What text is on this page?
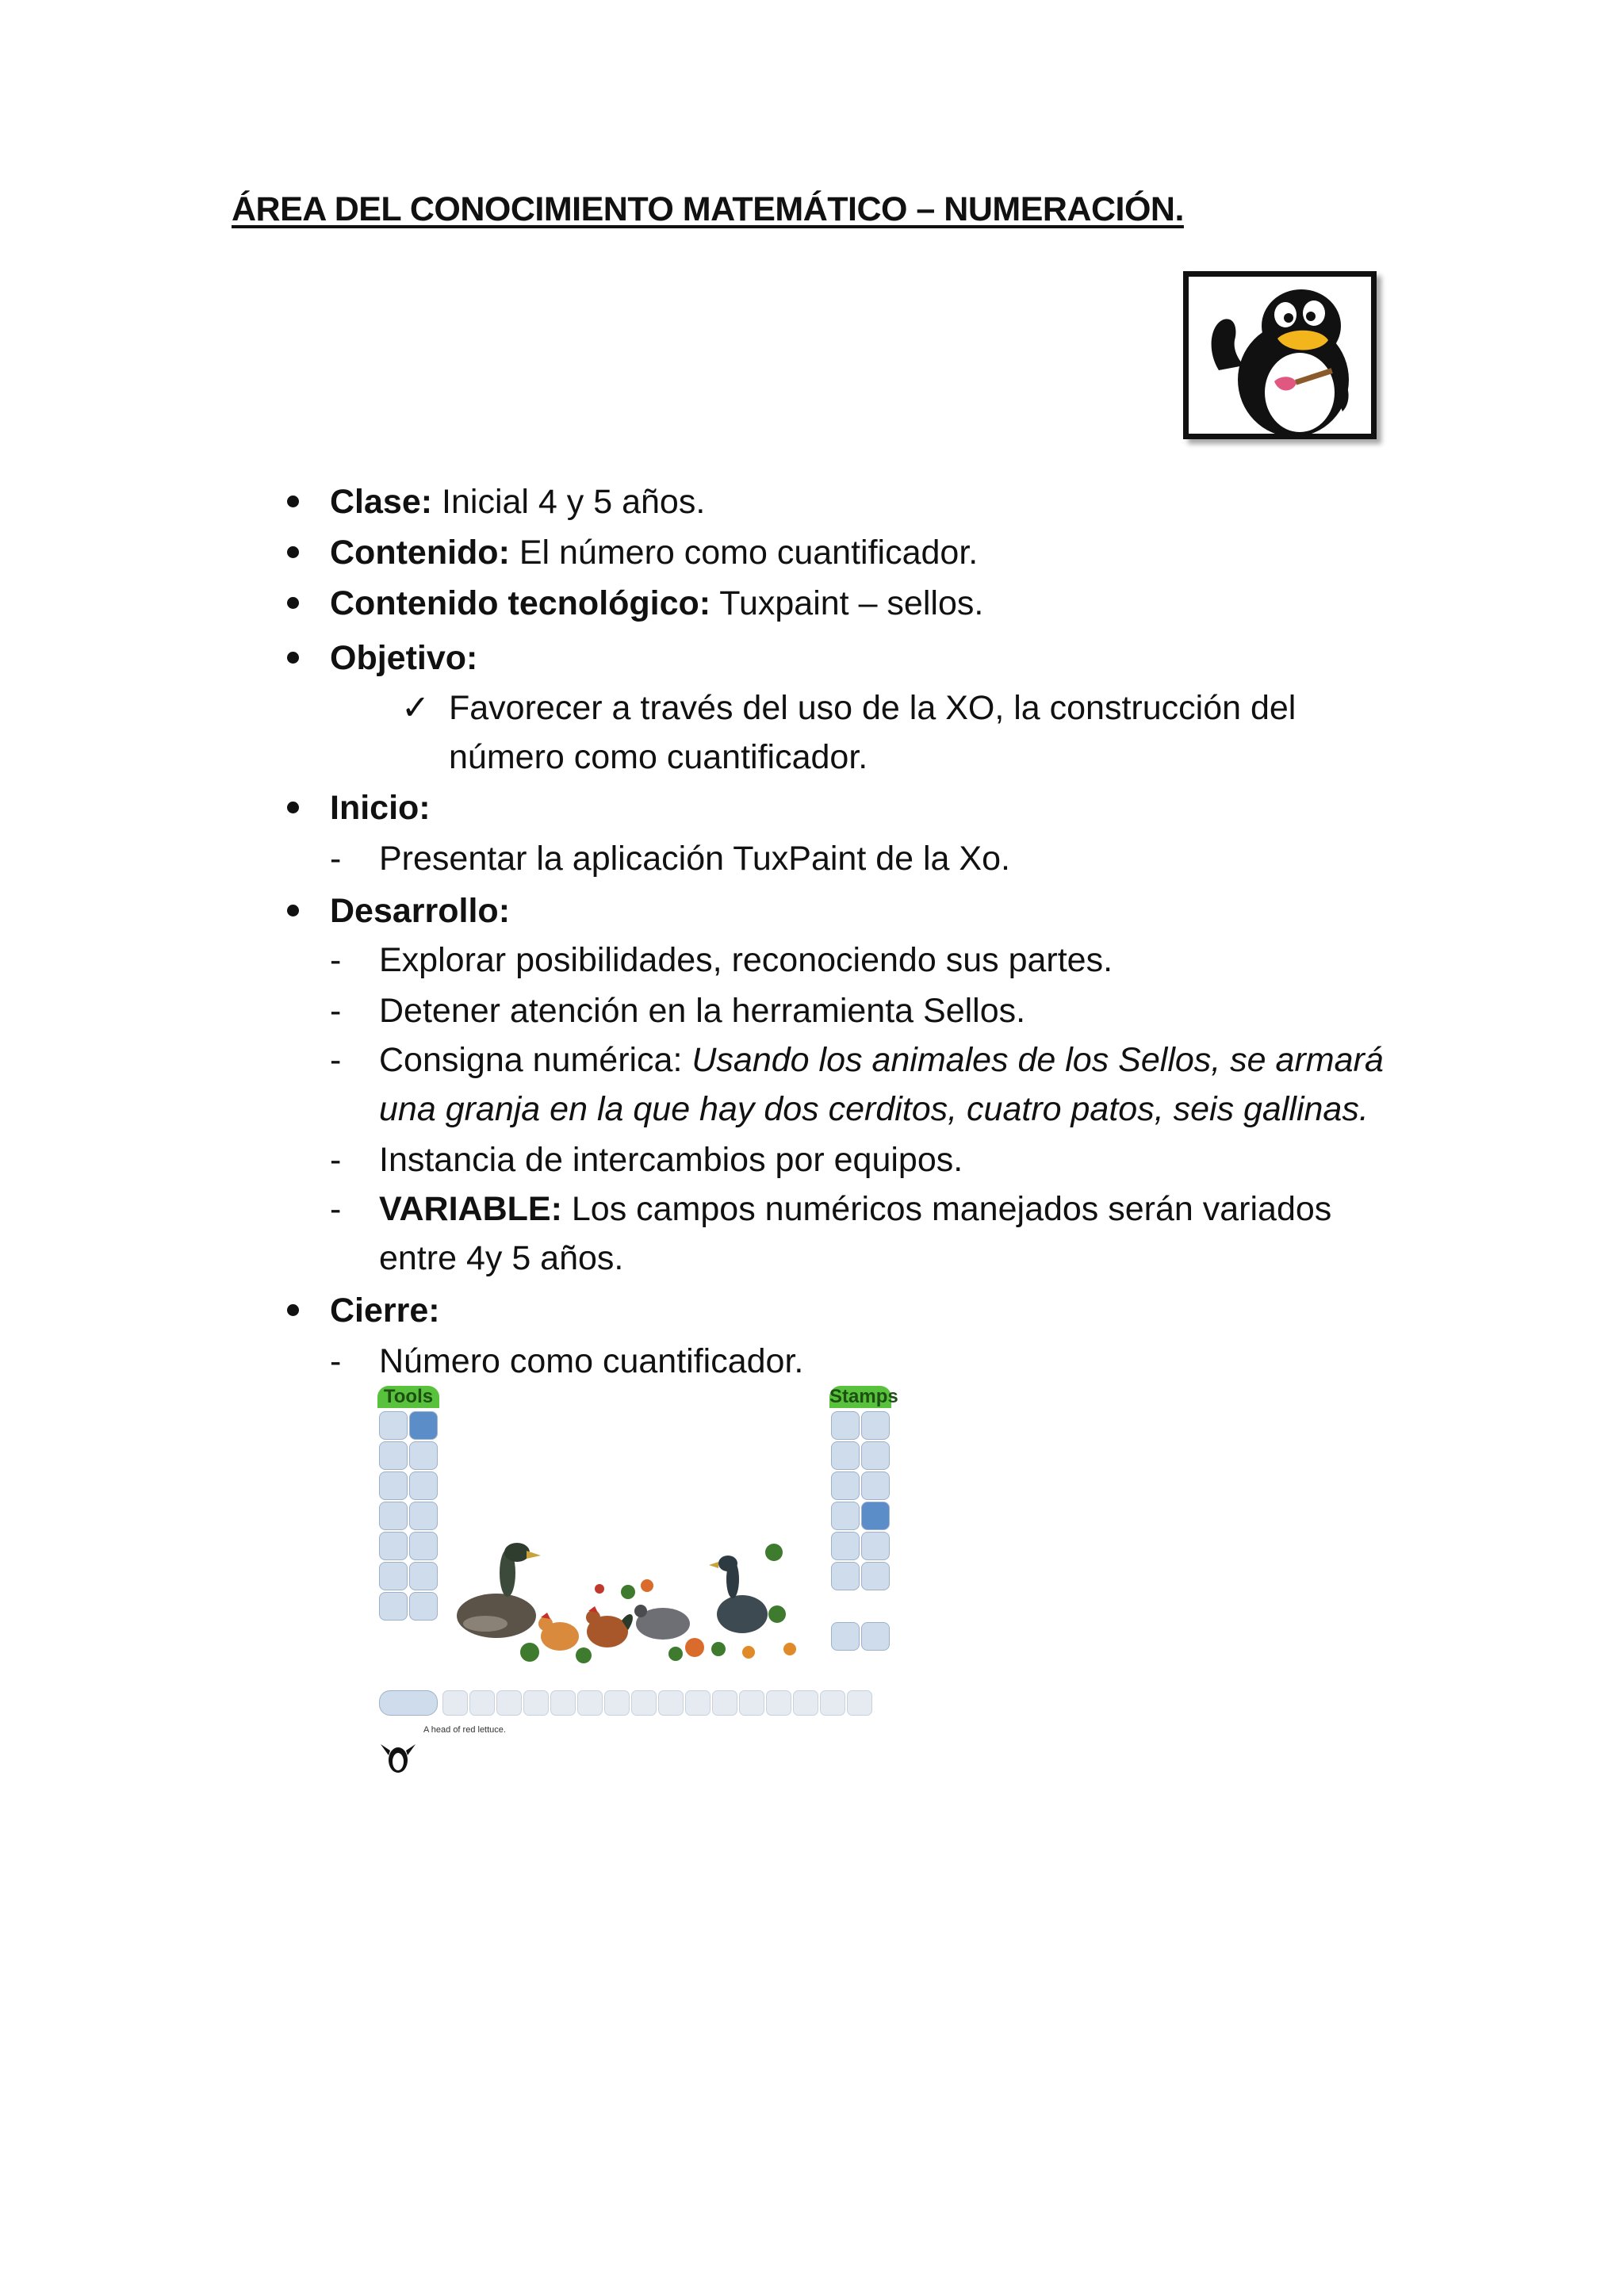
ÁREA DEL CONOCIMIENTO MATEMÁTICO – NUMERACIÓN.
Clase: Inicial 4 y 5 años.
Contenido: El número como cuantificador.
Contenido tecnológico: Tuxpaint – sellos.
Objetivo:
✓ Favorecer a través del uso de la XO, la construcción del
número como cuantificador.
Inicio:
- Presentar la aplicación TuxPaint de la Xo.
Desarrollo:
- Explorar posibilidades, reconociendo sus partes.
- Detener atención en la herramienta Sellos.
- Consigna numérica: Usando los animales de los Sellos, se armará
una granja en la que hay dos cerditos, cuatro patos, seis gallinas.
- Instancia de intercambios por equipos.
- VARIABLE: Los campos numéricos manejados serán variados
entre 4y 5 años.
Cierre:
- Número como cuantificador.
Tools	Stamps
A head of red lettuce.
